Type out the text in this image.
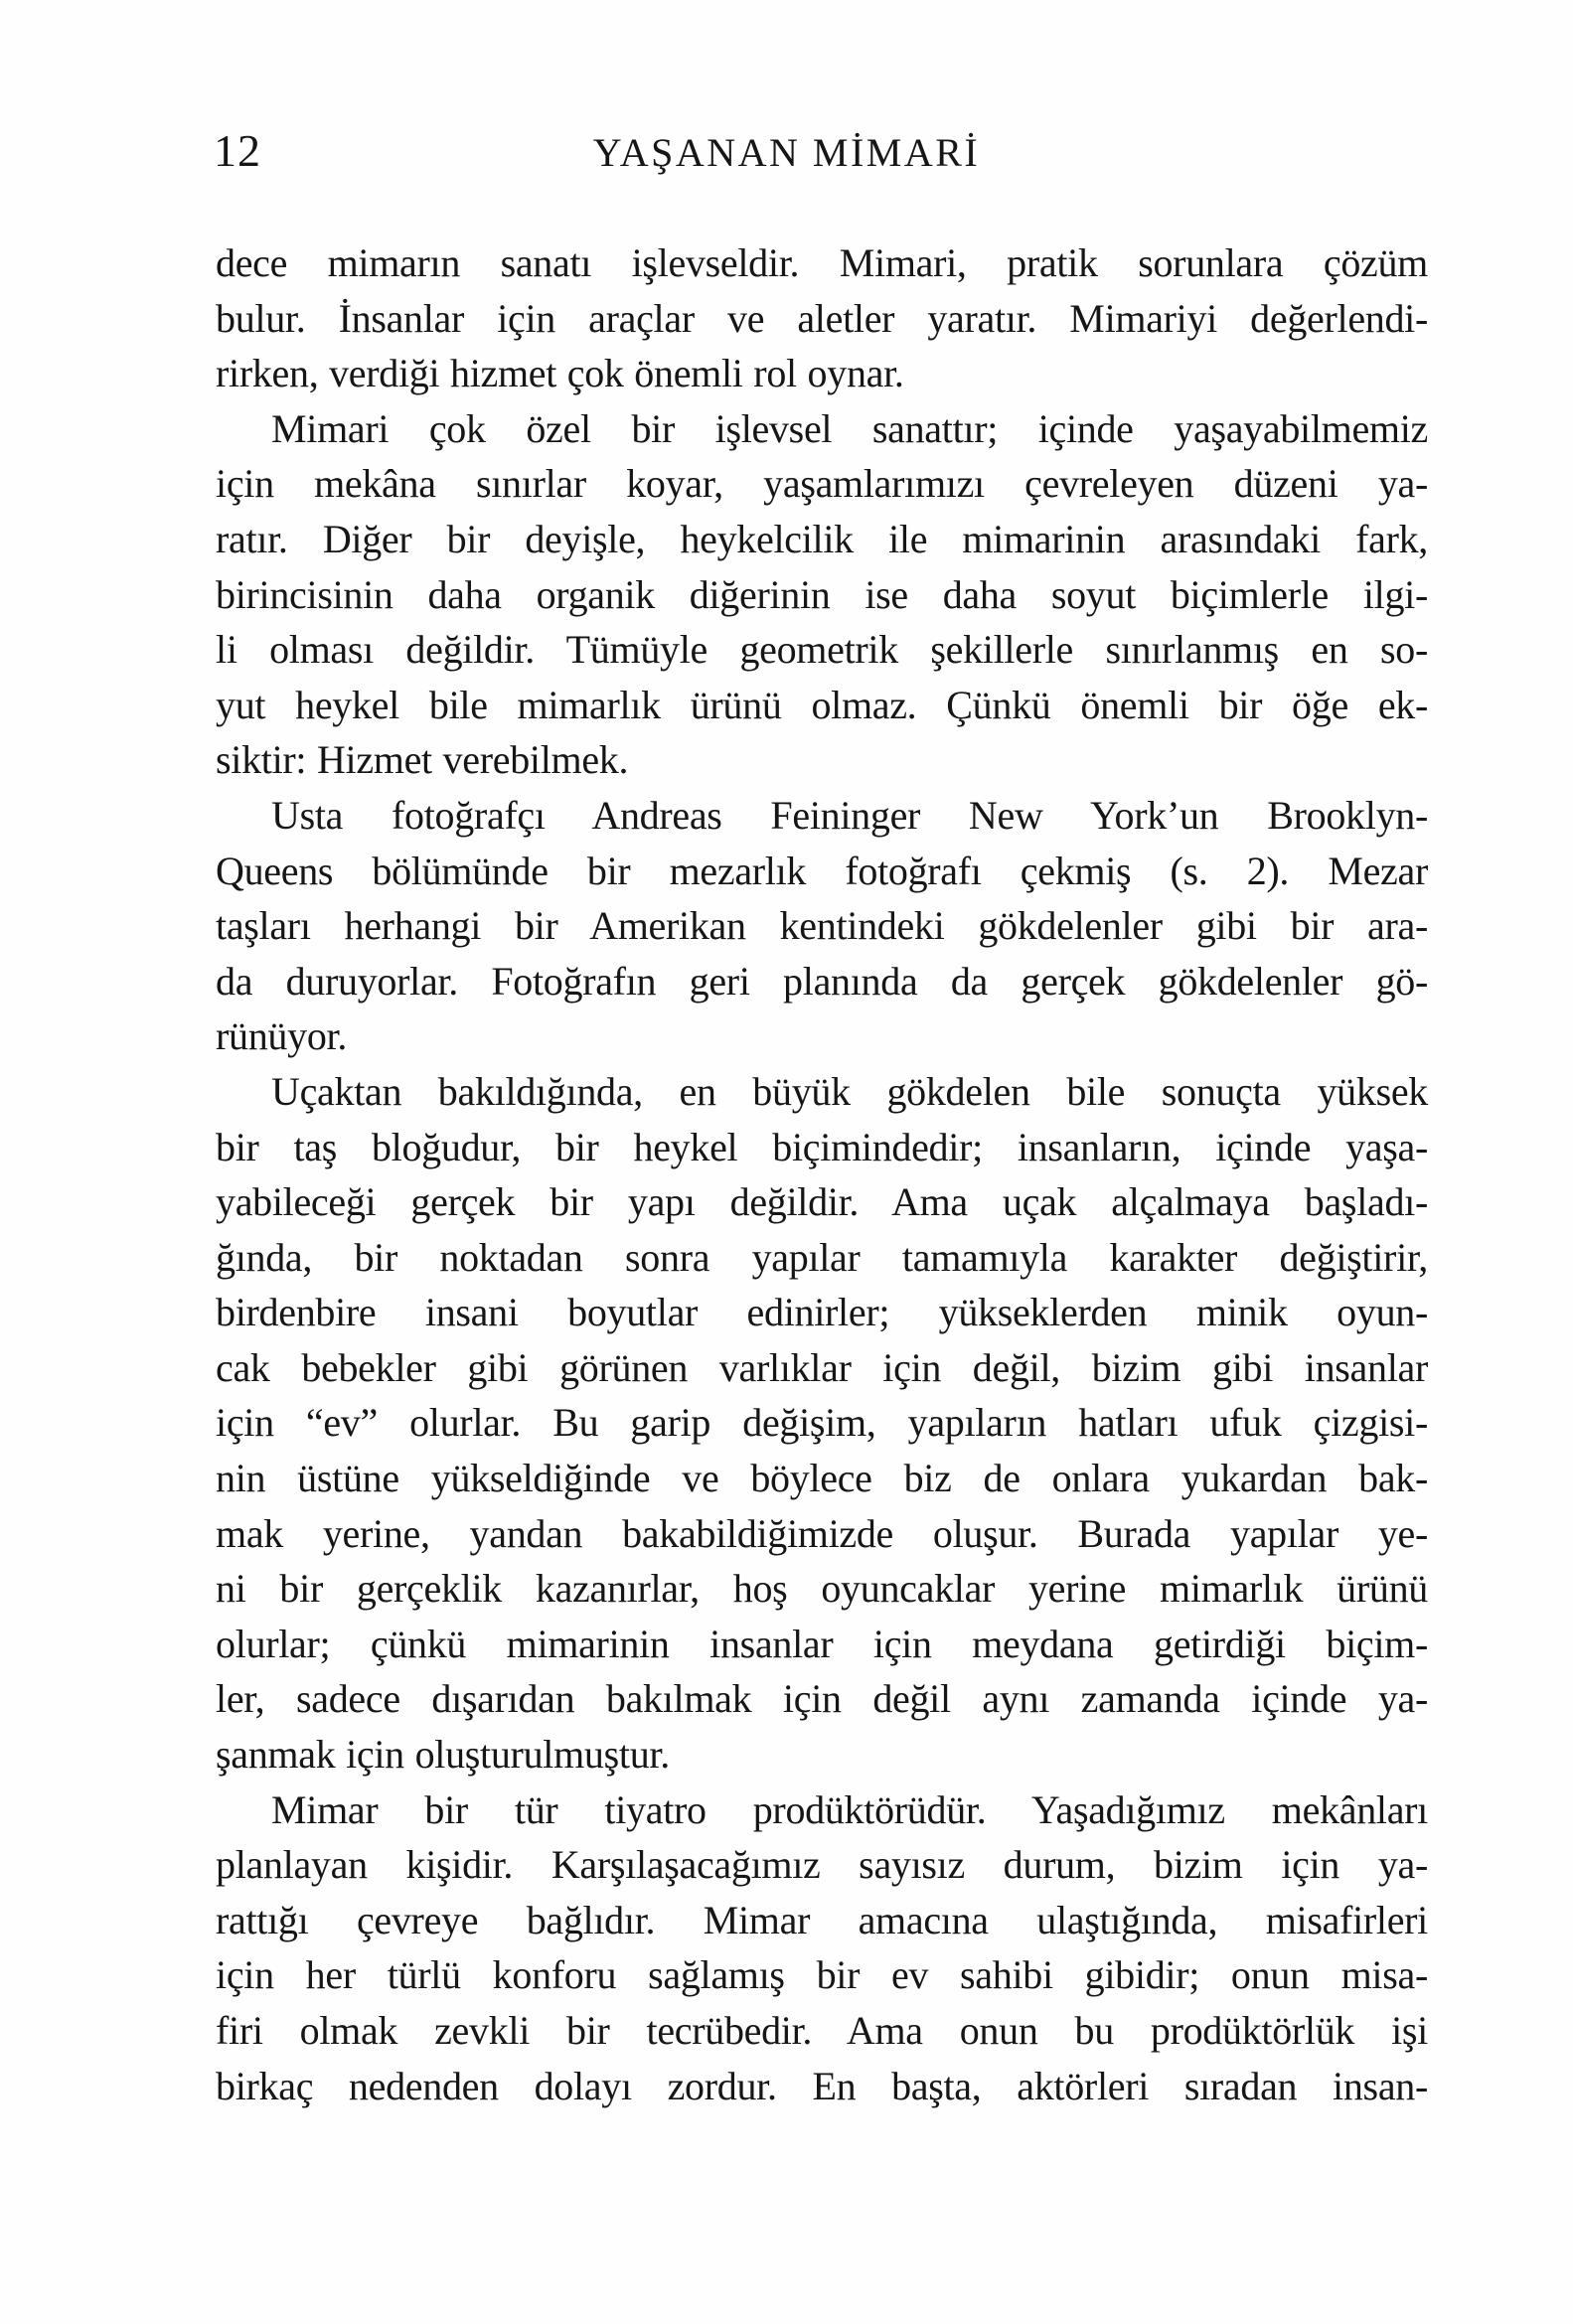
12	YAŞANAN MİMARİ
dece mimarın sanatı işlevseldir. Mimari, pratik sorunlara çözüm
bulur. İnsanlar için araçlar ve aletler yaratır. Mimariyi değerlendi-
rirken, verdiği hizmet çok önemli rol oynar.
Mimari çok özel bir işlevsel sanattır; içinde yaşayabilmemiz
için mekâna sınırlar koyar, yaşamlarımızı çevreleyen düzeni ya-
ratır. Diğer bir deyişle, heykelcilik ile mimarinin arasındaki fark,
birincisinin daha organik diğerinin ise daha soyut biçimlerle ilgi-
li olması değildir. Tümüyle geometrik şekillerle sınırlanmış en so-
yut heykel bile mimarlık ürünü olmaz. Çünkü önemli bir öğe ek-
siktir: Hizmet verebilmek.
Usta fotoğrafçı Andreas Feininger New York’un Brooklyn-
Queens bölümünde bir mezarlık fotoğrafı çekmiş (s. 2). Mezar
taşları herhangi bir Amerikan kentindeki gökdelenler gibi bir ara-
da duruyorlar. Fotoğrafın geri planında da gerçek gökdelenler gö-
rünüyor.
Uçaktan bakıldığında, en büyük gökdelen bile sonuçta yüksek
bir taş bloğudur, bir heykel biçimindedir; insanların, içinde yaşa-
yabileceği gerçek bir yapı değildir. Ama uçak alçalmaya başladı-
ğında, bir noktadan sonra yapılar tamamıyla karakter değiştirir,
birdenbire insani boyutlar edinirler; yükseklerden minik oyun-
cak bebekler gibi görünen varlıklar için değil, bizim gibi insanlar
için “ev” olurlar. Bu garip değişim, yapıların hatları ufuk çizgisi-
nin üstüne yükseldiğinde ve böylece biz de onlara yukardan bak-
mak yerine, yandan bakabildiğimizde oluşur. Burada yapılar ye-
ni bir gerçeklik kazanırlar, hoş oyuncaklar yerine mimarlık ürünü
olurlar; çünkü mimarinin insanlar için meydana getirdiği biçim-
ler, sadece dışarıdan bakılmak için değil aynı zamanda içinde ya-
şanmak için oluşturulmuştur.
Mimar bir tür tiyatro prodüktörüdür. Yaşadığımız mekânları
planlayan kişidir. Karşılaşacağımız sayısız durum, bizim için ya-
rattığı çevreye bağlıdır. Mimar amacına ulaştığında, misafirleri
için her türlü konforu sağlamış bir ev sahibi gibidir; onun misa-
firi olmak zevkli bir tecrübedir. Ama onun bu prodüktörlük işi
birkaç nedenden dolayı zordur. En başta, aktörleri sıradan insan-
